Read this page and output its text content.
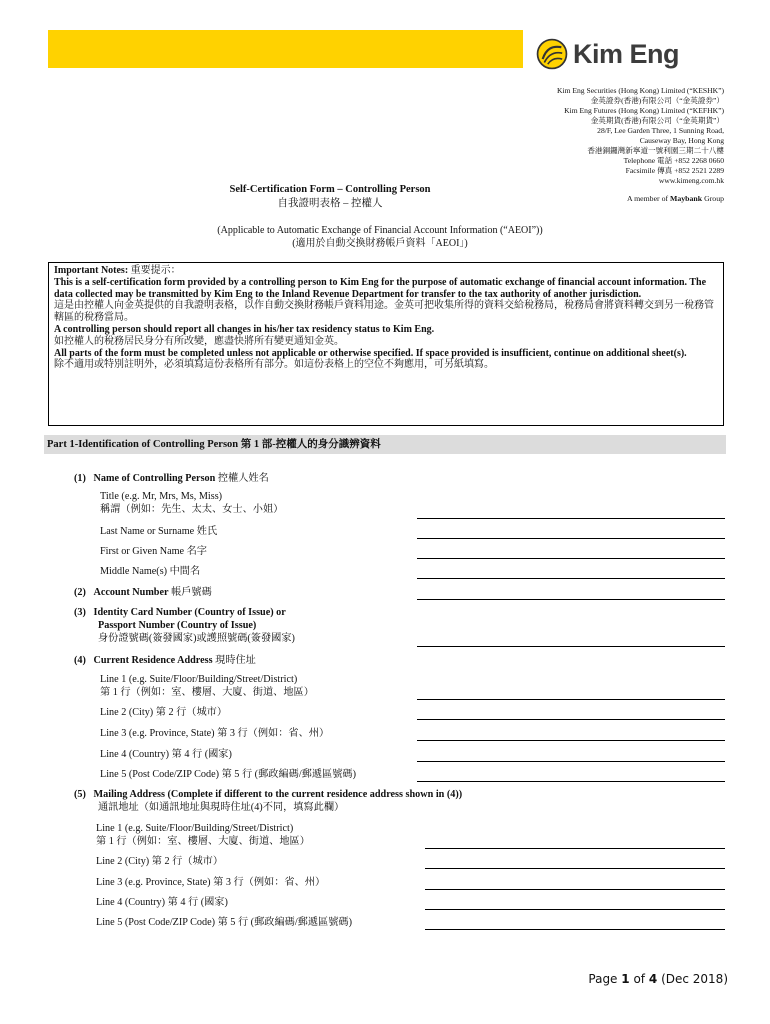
Kim Eng
Kim Eng Securities (Hong Kong) Limited (“KESHK”)
金英證券(香港)有限公司（“金英證券”）
Kim Eng Futures (Hong Kong) Limited (“KEFHK”)
金英期貨(香港)有限公司（“金英期貨”）
28/F, Lee Garden Three, 1 Sunning Road,
Causeway Bay, Hong Kong
香港銅鑼灣新寧道一號利園三期二十八樓
Telephone 電話 +852 2268 0660
Facsimile 傳真 +852 2521 2289
www.kimeng.com.hk
A member of Maybank Group
Self-Certification Form – Controlling Person
自我證明表格 – 控權人
(Applicable to Automatic Exchange of Financial Account Information (“AEOI”))
(適用於自動交換財務帳戶資料「AEOI」)
Important Notes: 重要提示：
This is a self-certification form provided by a controlling person to Kim Eng for the purpose of automatic exchange of financial account information. The data collected may be transmitted by Kim Eng to the Inland Revenue Department for transfer to the tax authority of another jurisdiction.
這是由控權人向金英提供的自我證明表格，以作自動交換財務帳戶資料用途。金英可把收集所得的資料交給稅務局，稅務局會將資料轉交到另一稅務管轄區的稅務當局。
A controlling person should report all changes in his/her tax residency status to Kim Eng.
如控權人的稅務居民身分有所改變，應盡快將所有變更通知金英。
All parts of the form must be completed unless not applicable or otherwise specified. If space provided is insufficient, continue on additional sheet(s).
除不適用或特別註明外，必須填寫這份表格所有部分。如這份表格上的空位不夠應用，可另紙填寫。
Part 1-Identification of Controlling Person 第 1 部-控權人的身分識辨資料
(1) Name of Controlling Person 控權人姓名
Title (e.g. Mr, Mrs, Ms, Miss)
稱謂（例如：先生、太太、女士、小姐）
Last Name or Surname 姓氏
First or Given Name 名字
Middle Name(s) 中間名
(2) Account Number 帳戶號碼
(3) Identity Card Number (Country of Issue) or
Passport Number (Country of Issue)
身份證號碼(簽發國家)或護照號碼(簽發國家)
(4) Current Residence Address 現時住址
Line 1 (e.g. Suite/Floor/Building/Street/District)
第 1 行（例如：室、樓層、大廈、街道、地區）
Line 2 (City) 第 2 行（城市）
Line 3 (e.g. Province, State) 第 3 行（例如：省、州）
Line 4 (Country) 第 4 行 (國家)
Line 5 (Post Code/ZIP Code) 第 5 行 (郵政編碼/郵遞區號碼)
(5) Mailing Address (Complete if different to the current residence address shown in (4))
通訊地址（如通訊地址與現時住址(4)不同，填寫此欄）
Line 1 (e.g. Suite/Floor/Building/Street/District)
第 1 行（例如：室、樓層、大廈、街道、地區）
Line 2 (City) 第 2 行（城市）
Line 3 (e.g. Province, State) 第 3 行（例如：省、州）
Line 4 (Country) 第 4 行 (國家)
Line 5 (Post Code/ZIP Code) 第 5 行 (郵政編碼/郵遞區號碼)
Page 1 of 4 (Dec 2018)
